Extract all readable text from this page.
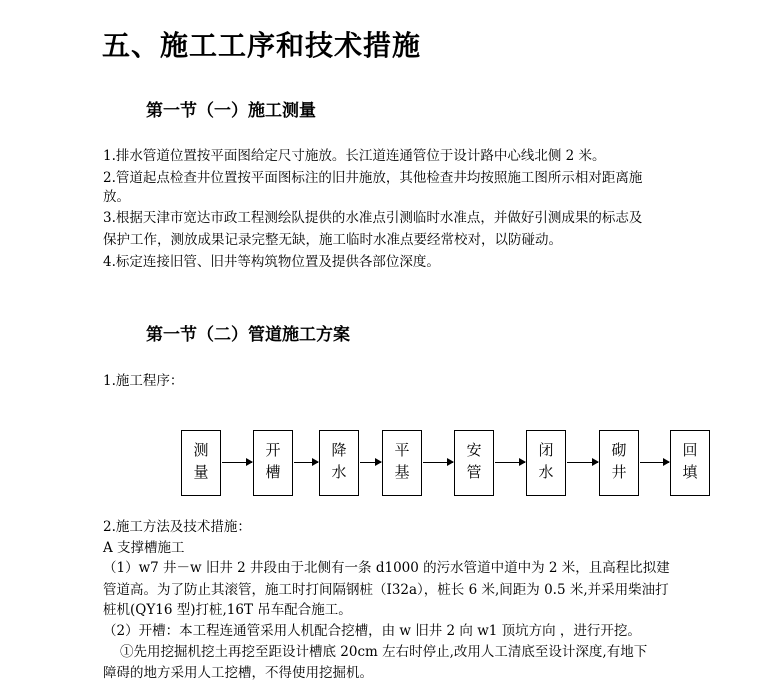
五、施工工序和技术措施
第一节（一）施工测量
1.排水管道位置按平面图给定尺寸施放。长江道连通管位于设计路中心线北侧 2 米。
2.管道起点检查井位置按平面图标注的旧井施放，其他检查井均按照施工图所示相对距离施
放。
3.根据天津市宽达市政工程测绘队提供的水准点引测临时水准点，并做好引测成果的标志及
保护工作，测放成果记录完整无缺，施工临时水准点要经常校对，以防碰动。
4.标定连接旧管、旧井等构筑物位置及提供各部位深度。
第一节（二）管道施工方案
1.施工程序：
测量
开槽
降水
平基
安管
闭水
砌井
回填
2.施工方法及技术措施：
A 支撑槽施工
（1）w7 井－w 旧井 2 井段由于北侧有一条 d1000 的污水管道中道中为 2 米，且高程比拟建
管道高。为了防止其滚管，施工时打间隔钢桩（I32a），桩长 6 米,间距为 0.5 米,并采用柴油打
桩机(QY16 型)打桩,16T 吊车配合施工。
（2）开槽：本工程连通管采用人机配合挖槽，由 w 旧井 2 向 w1 顶坑方向 ，进行开挖。
①先用挖掘机挖土再挖至距设计槽底 20cm 左右时停止,改用人工清底至设计深度,有地下
障碍的地方采用人工挖槽，不得使用挖掘机。
